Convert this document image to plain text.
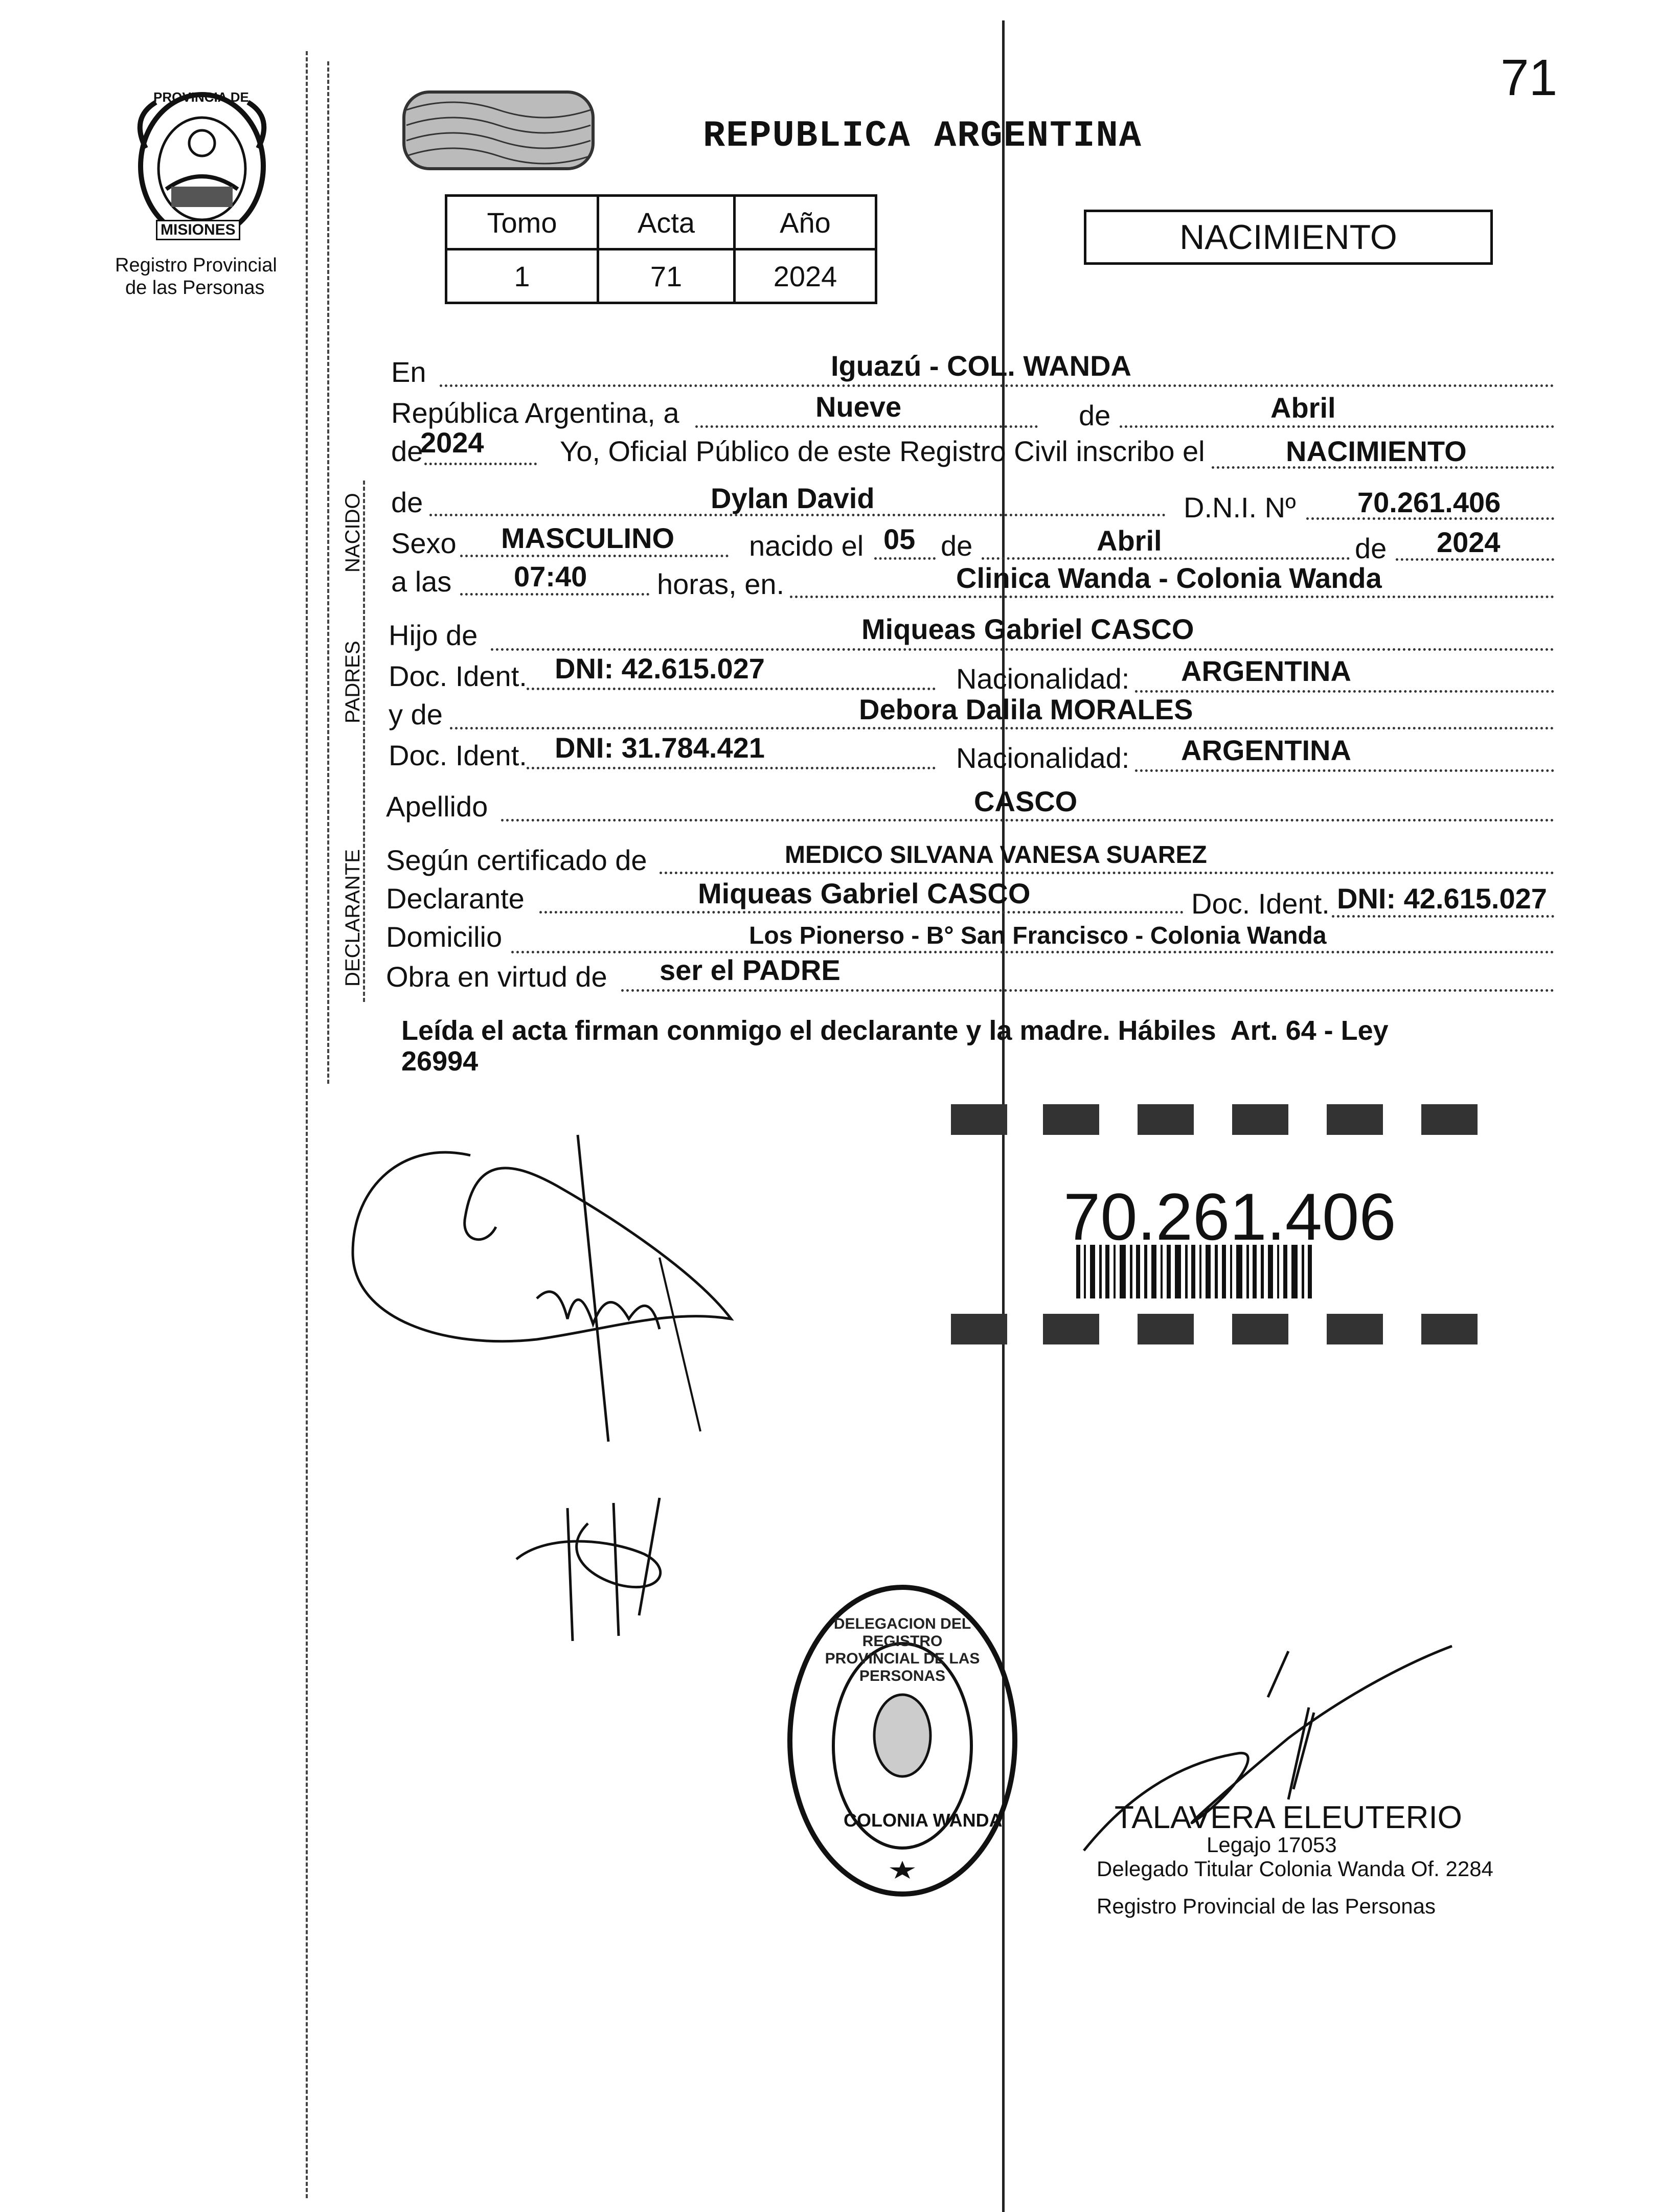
71
PROVINCIA DE
MISIONES
Registro Provincial
de las Personas
REPUBLICA ARGENTINA
Tomo	Acta	Año
1	71	2024
NACIMIENTO
NACIDO
PADRES
DECLARANTE
En	Iguazú - COL. WANDA
República Argentina, a	Nueve	de	Abril
de
2024	Yo, Oficial Público de este Registro Civil inscribo el	NACIMIENTO
de	Dylan David	D.N.I. Nº 70.261.406
Sexo MASCULINO	nacido el 05 de	Abril	de 2024
a las 07:40 horas, en.	Clinica Wanda - Colonia Wanda
Hijo de	Miqueas Gabriel CASCO
Doc. Ident. DNI: 42.615.027	Nacionalidad: ARGENTINA
y de	Debora Dalila MORALES
Doc. Ident. DNI: 31.784.421	Nacionalidad: ARGENTINA
Apellido	CASCO
Según certificado de	MEDICO SILVANA VANESA SUAREZ
Declarante	Miqueas Gabriel CASCO	Doc. Ident. DNI: 42.615.027
Domicilio	Los Pionerso - B° San Francisco - Colonia Wanda
Obra en virtud de ser el PADRE
Leída el acta firman conmigo el declarante y la madre. Hábiles  Art. 64 - Ley
26994
70.261.406
DELEGACION DEL REGISTRO PROVINCIAL DE LAS PERSONAS
COLONIA WANDA	TALAVERA ELEUTERIO
Legajo 17053
Delegado Titular Colonia Wanda Of. 2284
Registro Provincial de las Personas
